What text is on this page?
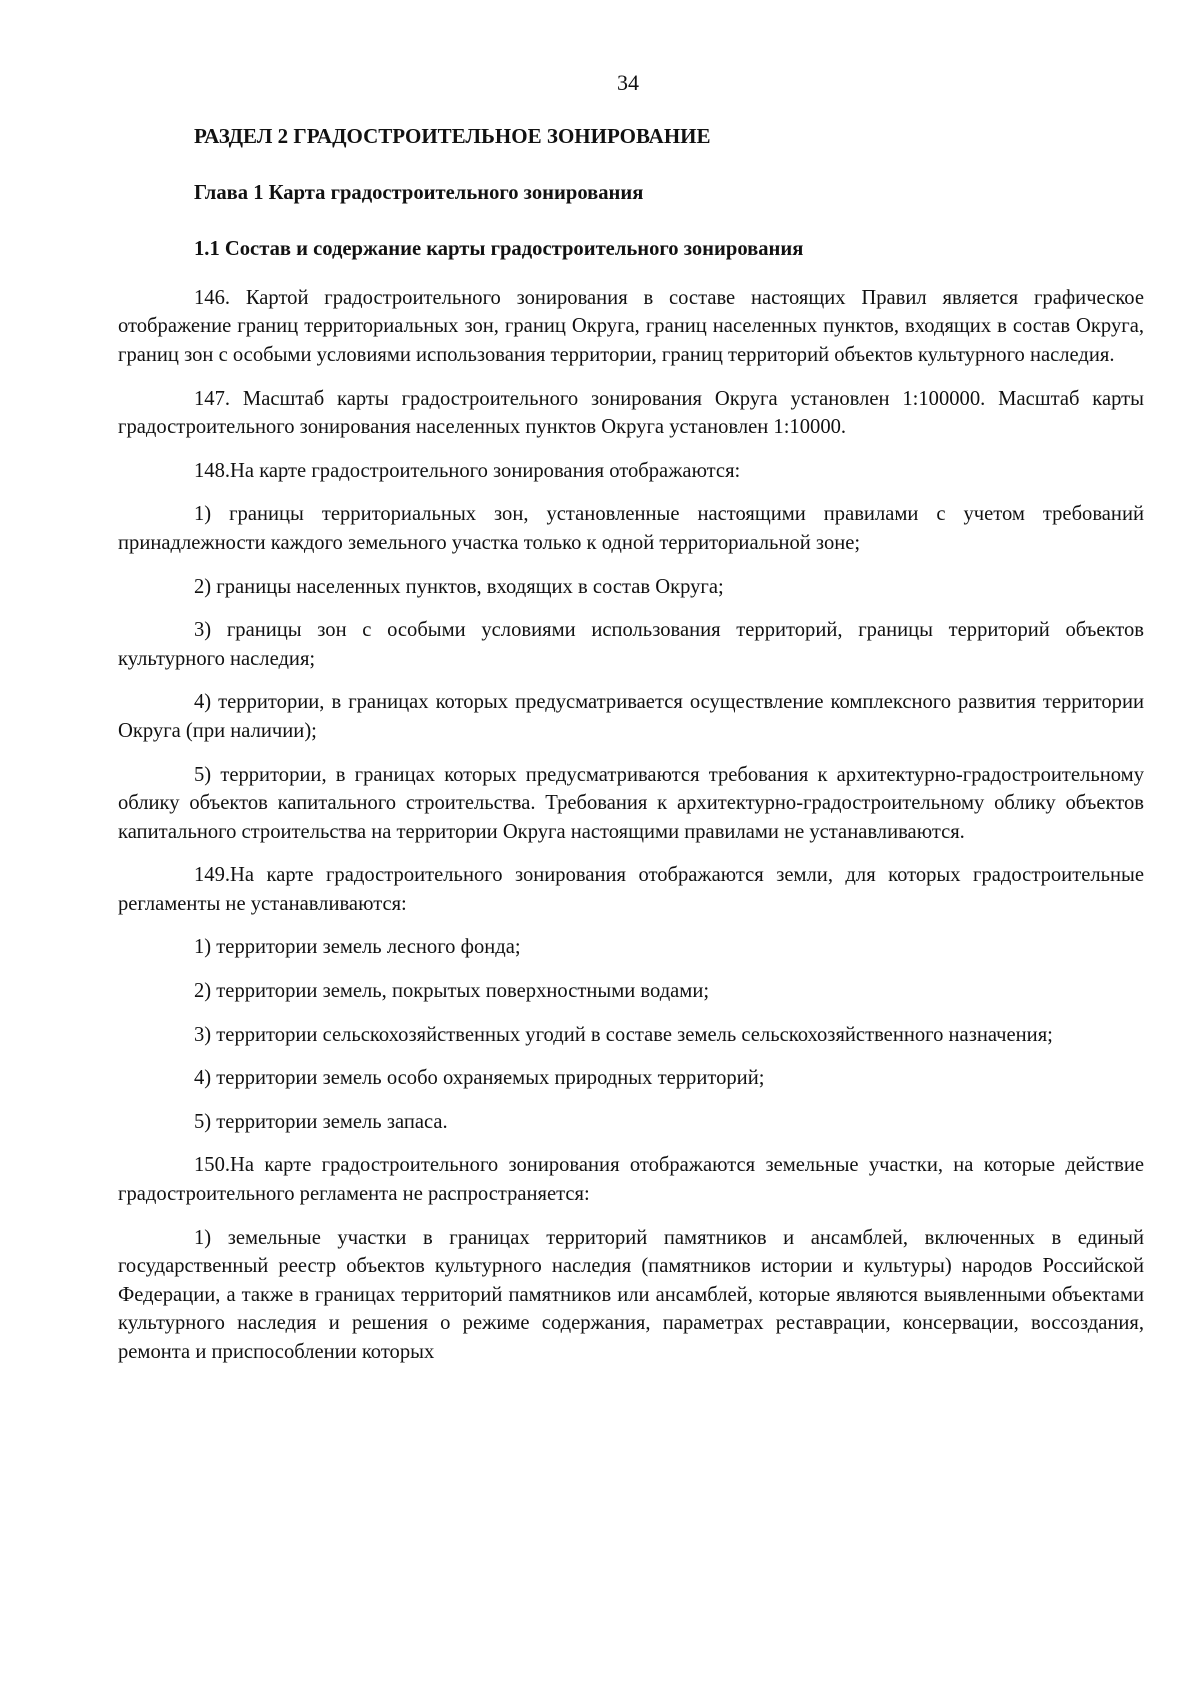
34
РАЗДЕЛ 2 ГРАДОСТРОИТЕЛЬНОЕ ЗОНИРОВАНИЕ
Глава 1 Карта градостроительного зонирования
1.1 Состав и содержание карты градостроительного зонирования

146. Картой градостроительного зонирования в составе настоящих Правил является графическое отображение границ территориальных зон, границ Округа, границ населенных пунктов, входящих в состав Округа, границ зон с особыми условиями использования территории, границ территорий объектов культурного наследия.

147. Масштаб карты градостроительного зонирования Округа установлен 1:100000. Масштаб карты градостроительного зонирования населенных пунктов Округа установлен 1:10000.

148.На карте градостроительного зонирования отображаются:

1) границы территориальных зон, установленные настоящими правилами с учетом требований принадлежности каждого земельного участка только к одной территориальной зоне;

2) границы населенных пунктов, входящих в состав Округа;

3) границы зон с особыми условиями использования территорий, границы территорий объектов культурного наследия;

4) территории, в границах которых предусматривается осуществление комплексного развития территории Округа (при наличии);

5) территории, в границах которых предусматриваются требования к архитектурно-градостроительному облику объектов капитального строительства. Требования к архитектурно-градостроительному облику объектов капитального строительства на территории Округа настоящими правилами не устанавливаются.

149.На карте градостроительного зонирования отображаются земли, для которых градостроительные регламенты не устанавливаются:

1) территории земель лесного фонда;

2) территории земель, покрытых поверхностными водами;

3) территории сельскохозяйственных угодий в составе земель сельскохозяйственного назначения;

4) территории земель особо охраняемых природных территорий;

5) территории земель запаса.

150.На карте градостроительного зонирования отображаются земельные участки, на которые действие градостроительного регламента не распространяется:

1) земельные участки в границах территорий памятников и ансамблей, включенных в единый государственный реестр объектов культурного наследия (памятников истории и культуры) народов Российской Федерации, а также в границах территорий памятников или ансамблей, которые являются выявленными объектами культурного наследия и решения о режиме содержания, параметрах реставрации, консервации, воссоздания, ремонта и приспособлении которых
